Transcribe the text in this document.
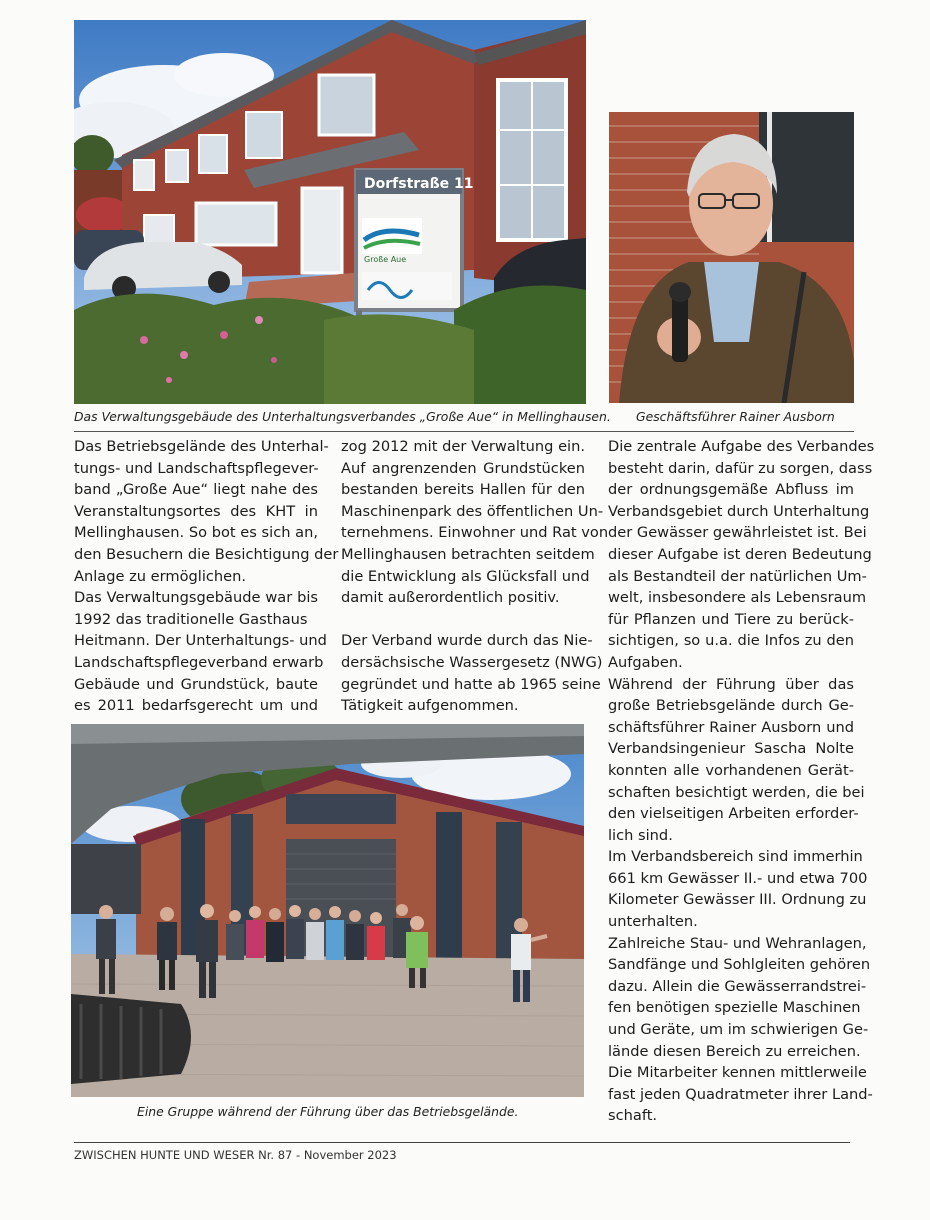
Dorfstraße 11
Große Aue
Das Verwaltungsgebäude des Unterhaltungsverbandes „Große Aue“ in Mellinghausen. Geschäftsführer Rainer Ausborn
Das Betriebsgelände des Unterhal-
tungs- und Landschaftspflegever-
band „Große Aue“ liegt nahe des
Veranstaltungsortes des KHT in
Mellinghausen. So bot es sich an,
den Besuchern die Besichtigung der
Anlage zu ermöglichen.
Das Verwaltungsgebäude war bis
1992 das traditionelle Gasthaus
Heitmann. Der Unterhaltungs- und
Landschaftspflegeverband erwarb
Gebäude und Grundstück, baute
es 2011 bedarfsgerecht um und
zog 2012 mit der Verwaltung ein.
Auf angrenzenden Grundstücken
bestanden bereits Hallen für den
Maschinenpark des öffentlichen Un-
ternehmens. Einwohner und Rat von
Mellinghausen betrachten seitdem
die Entwicklung als Glücksfall und
damit außerordentlich positiv.
Der Verband wurde durch das Nie-
dersächsische Wassergesetz (NWG)
gegründet und hatte ab 1965 seine
Tätigkeit aufgenommen.
Die zentrale Aufgabe des Verbandes
besteht darin, dafür zu sorgen, dass
der ordnungsgemäße Abfluss im
Verbandsgebiet durch Unterhaltung
der Gewässer gewährleistet ist. Bei
dieser Aufgabe ist deren Bedeutung
als Bestandteil der natürlichen Um-
welt, insbesondere als Lebensraum
für Pflanzen und Tiere zu berück-
sichtigen, so u.a. die Infos zu den
Aufgaben.
Während der Führung über das
große Betriebsgelände durch Ge-
schäftsführer Rainer Ausborn und
Verbandsingenieur Sascha Nolte
konnten alle vorhandenen Gerät-
schaften besichtigt werden, die bei
den vielseitigen Arbeiten erforder-
lich sind.
Im Verbandsbereich sind immerhin
661 km Gewässer II.- und etwa 700
Kilometer Gewässer III. Ordnung zu
unterhalten.
Zahlreiche Stau- und Wehranlagen,
Sandfänge und Sohlgleiten gehören
dazu. Allein die Gewässerrandstrei-
fen benötigen spezielle Maschinen
und Geräte, um im schwierigen Ge-
lände diesen Bereich zu erreichen.
Die Mitarbeiter kennen mittlerweile
fast jeden Quadratmeter ihrer Land-
schaft.
Eine Gruppe während der Führung über das Betriebsgelände.
ZWISCHEN HUNTE UND WESER Nr. 87 - November 2023
